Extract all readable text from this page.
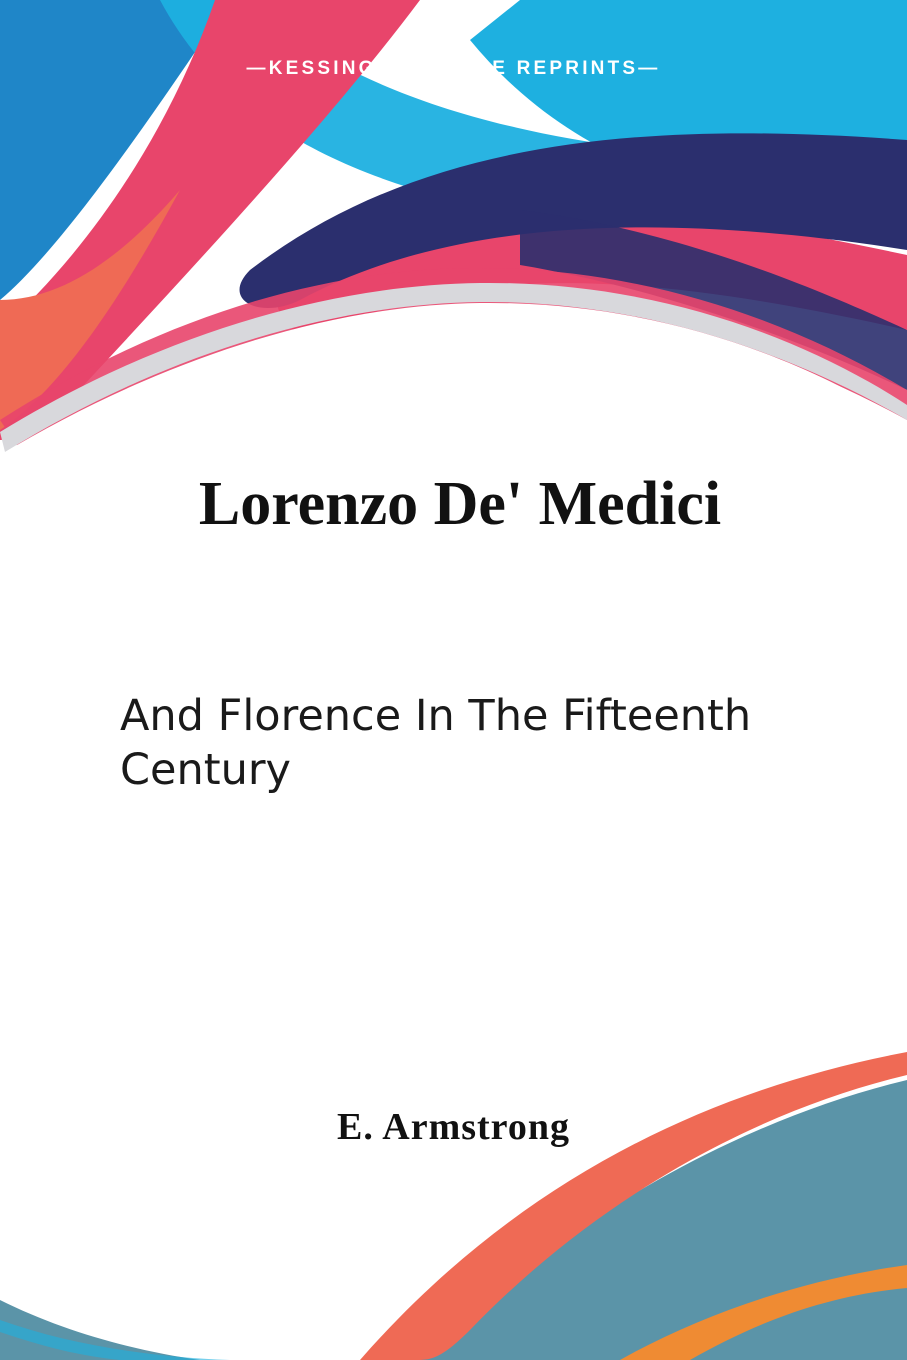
—KESSINGER'S RARE REPRINTS—
Lorenzo De' Medici
And Florence In The Fifteenth Century
E. Armstrong
